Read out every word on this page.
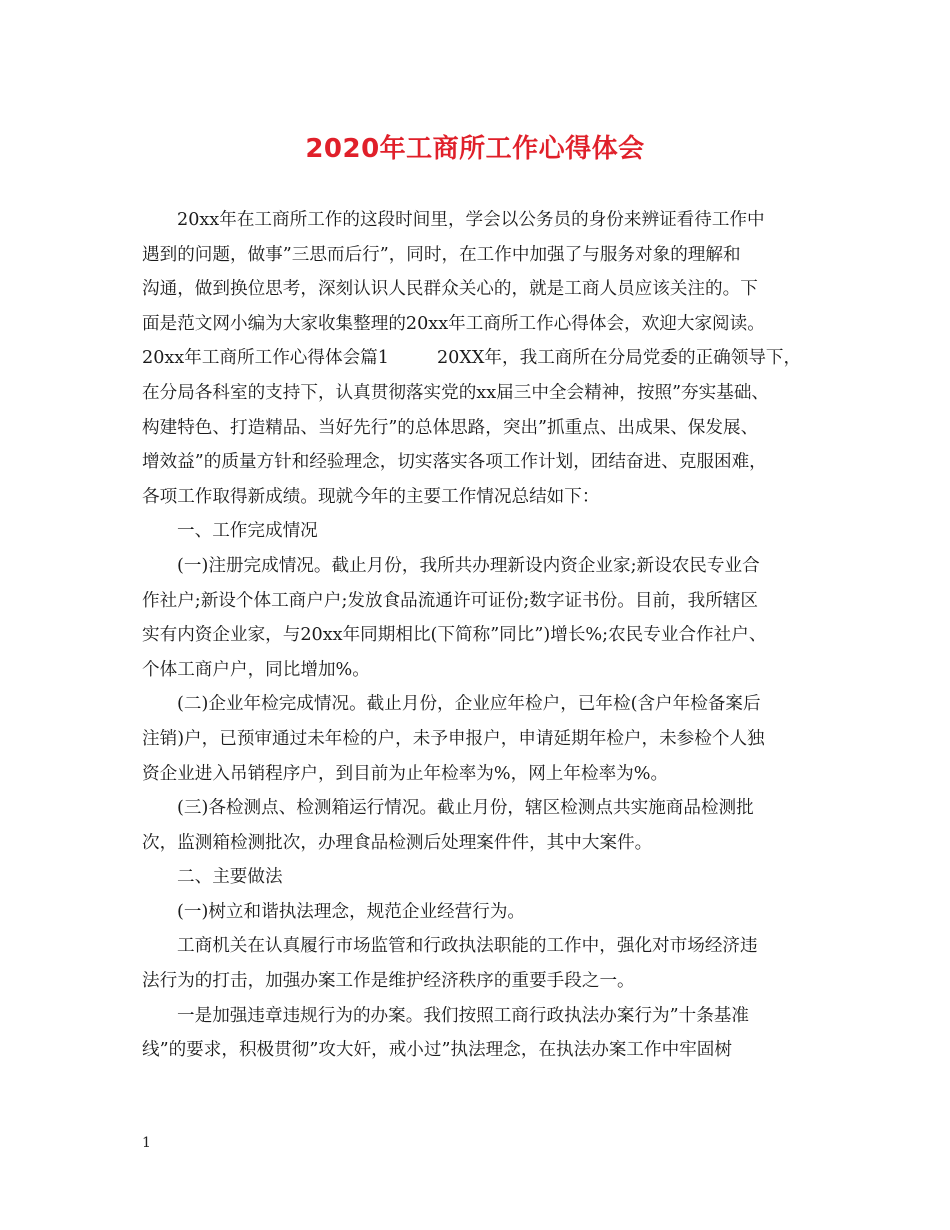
2020年工商所工作心得体会
20xx年在工商所工作的这段时间里，学会以公务员的身份来辨证看待工作中
遇到的问题，做事”三思而后行”，同时，在工作中加强了与服务对象的理解和
沟通，做到换位思考，深刻认识人民群众关心的，就是工商人员应该关注的。下
面是范文网小编为大家收集整理的20xx年工商所工作心得体会，欢迎大家阅读。
20xx年工商所工作心得体会篇1	20XX年，我工商所在分局党委的正确领导下，
在分局各科室的支持下，认真贯彻落实党的xx届三中全会精神，按照”夯实基础、
构建特色、打造精品、当好先行”的总体思路，突出”抓重点、出成果、保发展、
增效益”的质量方针和经验理念，切实落实各项工作计划，团结奋进、克服困难，
各项工作取得新成绩。现就今年的主要工作情况总结如下：
一、工作完成情况
(一)注册完成情况。截止月份，我所共办理新设内资企业家;新设农民专业合
作社户;新设个体工商户户;发放食品流通许可证份;数字证书份。目前，我所辖区
实有内资企业家，与20xx年同期相比(下简称”同比”)增长%;农民专业合作社户、
个体工商户户，同比增加%。
(二)企业年检完成情况。截止月份，企业应年检户，已年检(含户年检备案后
注销)户，已预审通过未年检的户，未予申报户，申请延期年检户，未参检个人独
资企业进入吊销程序户，到目前为止年检率为%，网上年检率为%。
(三)各检测点、检测箱运行情况。截止月份，辖区检测点共实施商品检测批
次，监测箱检测批次，办理食品检测后处理案件件，其中大案件。
二、主要做法
(一)树立和谐执法理念，规范企业经营行为。
工商机关在认真履行市场监管和行政执法职能的工作中，强化对市场经济违
法行为的打击，加强办案工作是维护经济秩序的重要手段之一。
一是加强违章违规行为的办案。我们按照工商行政执法办案行为”十条基准
线”的要求，积极贯彻”攻大奸，戒小过”执法理念，在执法办案工作中牢固树
1
